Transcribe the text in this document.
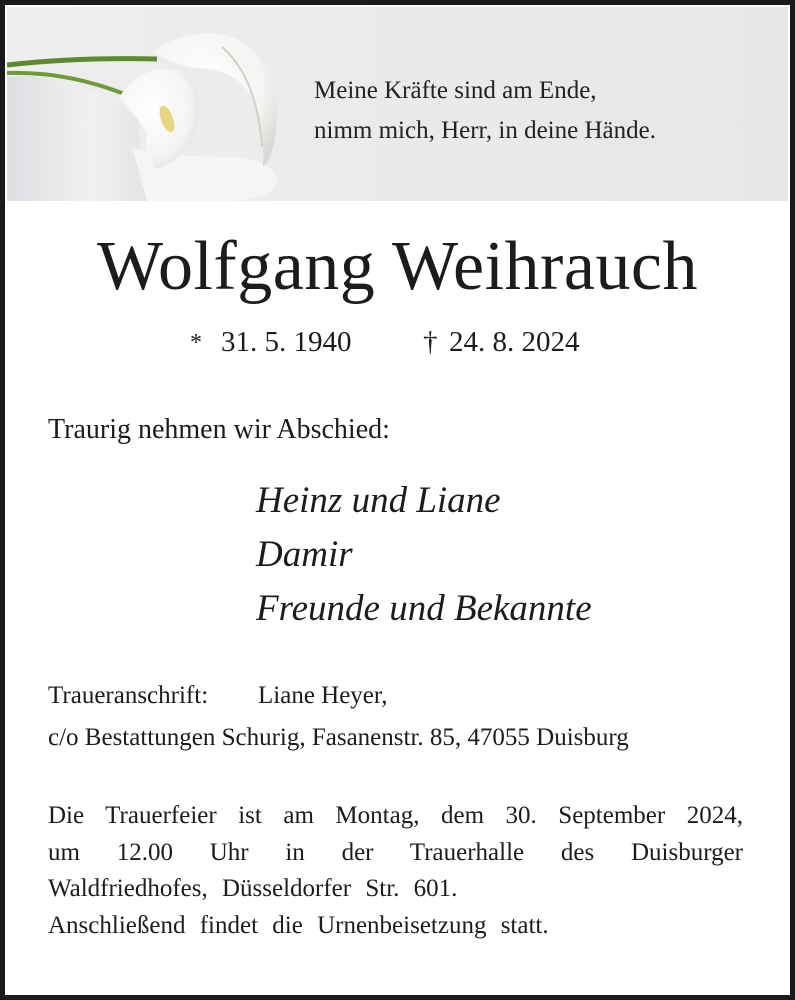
Meine Kräfte sind am Ende,
nimm mich, Herr, in deine Hände.
Wolfgang Weihrauch
* 31. 5. 1940 † 24. 8. 2024
Traurig nehmen wir Abschied:
Heinz und Liane
Damir
Freunde und Bekannte
Traueranschrift: Liane Heyer,
c/o Bestattungen Schurig, Fasanenstr. 85, 47055 Duisburg
Die Trauerfeier ist am Montag, dem 30. September 2024,
um 12.00 Uhr in der Trauerhalle des Duisburger
Waldfriedhofes, Düsseldorfer Str. 601.
Anschließend findet die Urnenbeisetzung statt.
